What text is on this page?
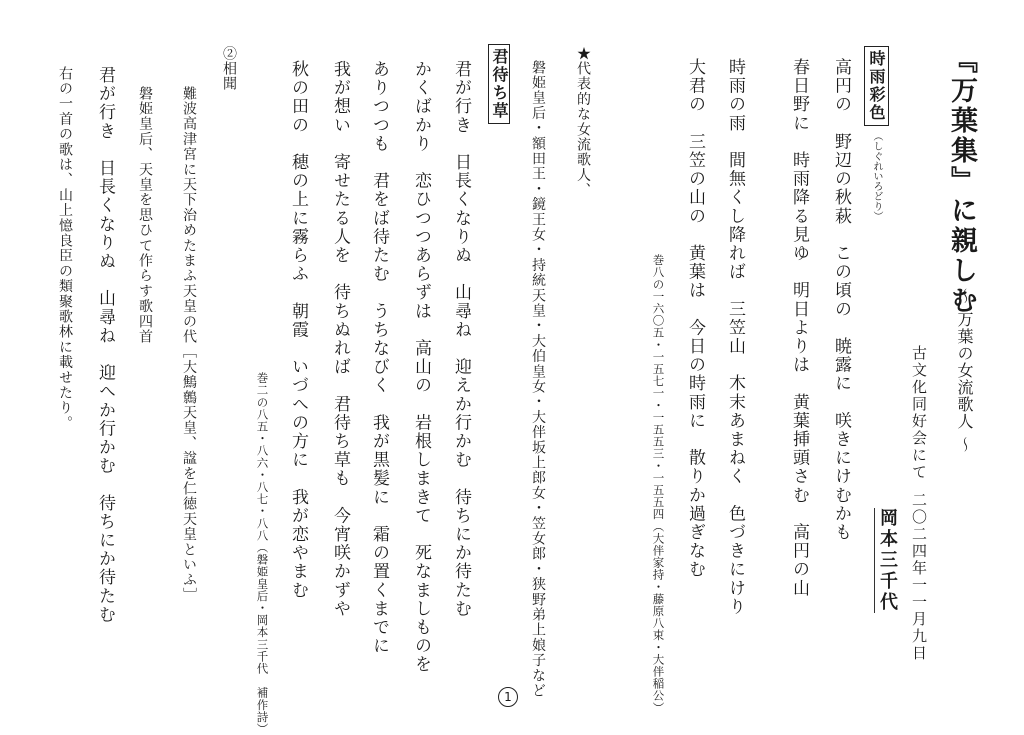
『万葉集』に親しむ
～ 万葉の女流歌人 ～
古文化同好会にて
二〇二四年一一月九日
岡本三千代
時雨彩色 （しぐれいろどり）
高円の　野辺の秋萩　この頃の　暁露に　咲きにけむかも
春日野に　時雨降る見ゆ　明日よりは　黄葉挿頭さむ　高円の山
時雨の雨　間無くし降れば　三笠山　木末あまねく　色づきにけり
大君の　三笠の山の　黄葉は　今日の時雨に　散りか過ぎなむ
巻八の一六〇五・一五七一・一五五三・一五五四（大伴家持・藤原八束・大伴稲公）
★代表的な女流歌人、
磐姫皇后・額田王・鏡王女・持統天皇・大伯皇女・大伴坂上郎女・笠女郎・狭野弟上娘子など
君待ち草
君が行き　日長くなりぬ　山尋ね　迎えか行かむ　待ちにか待たむ
かくばかり　恋ひつつあらずは　高山の　岩根しまきて　死なましものを
ありつつも　君をば待たむ　うちなびく　我が黒髪に　霜の置くまでに
我が想い　寄せたる人を　待ちぬれば　君待ち草も　今宵咲かずや
秋の田の　穂の上に霧らふ　朝霞　いづへの方に　我が恋やまむ
巻二の八五・八六・八七・八八（磐姫皇后・岡本三千代　補作詩）
②相聞
難波高津宮に天下治めたまふ天皇の代［大鷦鷯天皇、諡を仁徳天皇といふ］
磐姫皇后、天皇を思ひて作らす歌四首
君が行き　日長くなりぬ　山尋ね　迎へか行かむ　待ちにか待たむ
右の一首の歌は、山上憶良臣の類聚歌林に載せたり。
1
